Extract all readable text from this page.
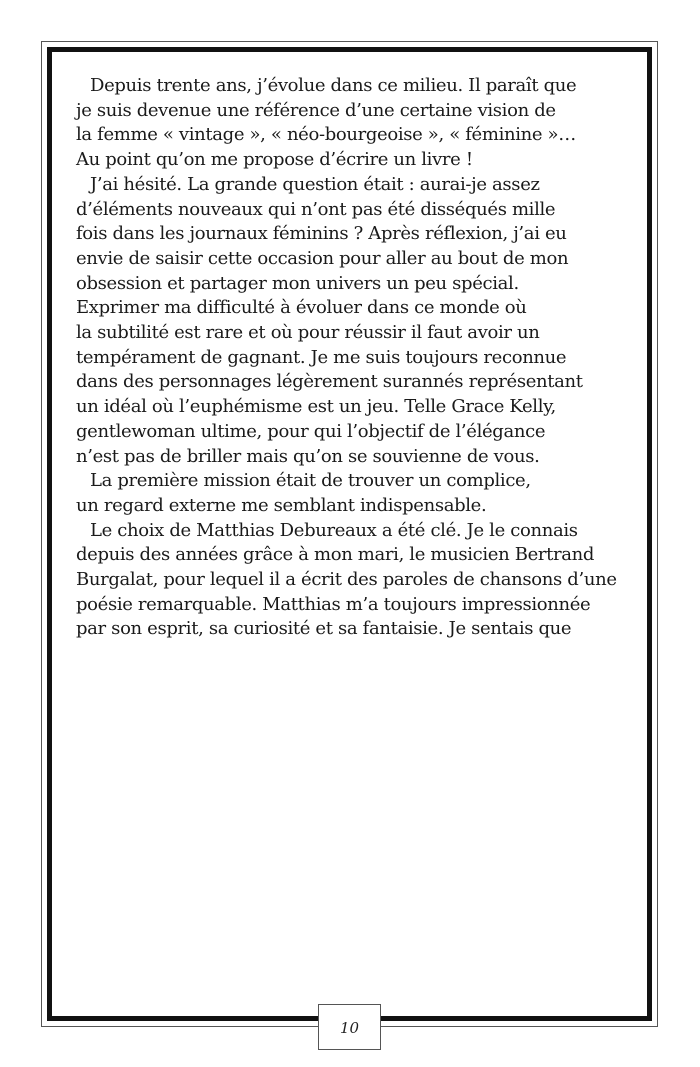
Depuis trente ans, j’évolue dans ce milieu. Il paraît que
je suis devenue une référence d’une certaine vision de
la femme « vintage », « néo-bourgeoise », « féminine »…
Au point qu’on me propose d’écrire un livre !
J’ai hésité. La grande question était : aurai-je assez
d’éléments nouveaux qui n’ont pas été disséqués mille
fois dans les journaux féminins ? Après réflexion, j’ai eu
envie de saisir cette occasion pour aller au bout de mon
obsession et partager mon univers un peu spécial.
Exprimer ma difficulté à évoluer dans ce monde où
la subtilité est rare et où pour réussir il faut avoir un
tempérament de gagnant. Je me suis toujours reconnue
dans des personnages légèrement surannés représentant
un idéal où l’euphémisme est un jeu. Telle Grace Kelly,
gentlewoman ultime, pour qui l’objectif de l’élégance
n’est pas de briller mais qu’on se souvienne de vous.
La première mission était de trouver un complice,
un regard externe me semblant indispensable.
Le choix de Matthias Debureaux a été clé. Je le connais
depuis des années grâce à mon mari, le musicien Bertrand
Burgalat, pour lequel il a écrit des paroles de chansons d’une
poésie remarquable. Matthias m’a toujours impressionnée
par son esprit, sa curiosité et sa fantaisie. Je sentais que
10
